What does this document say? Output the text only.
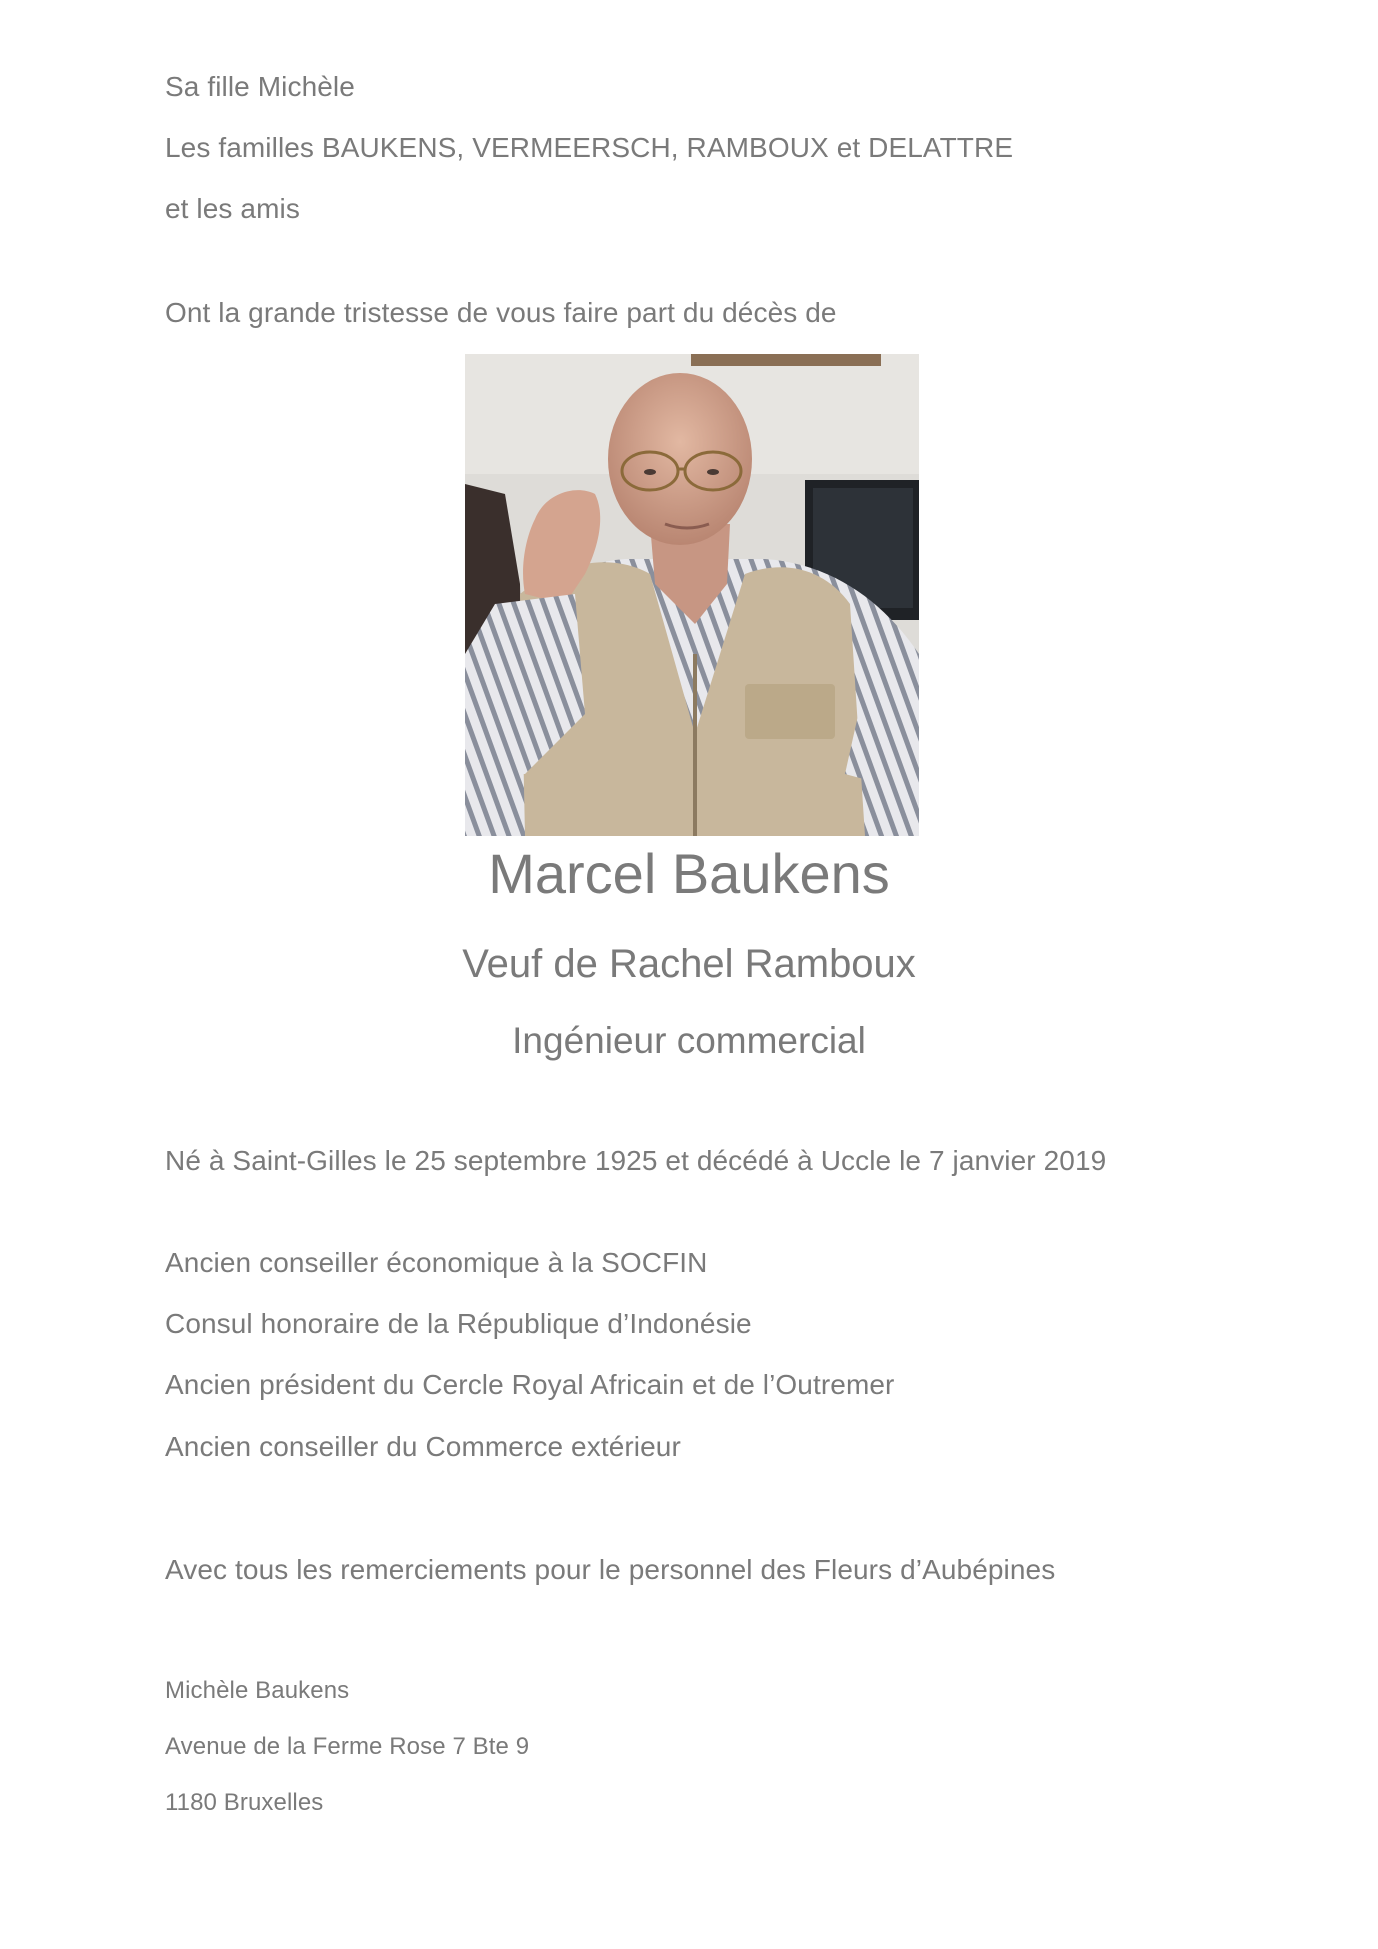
Sa fille Michèle
Les familles BAUKENS, VERMEERSCH, RAMBOUX et DELATTRE
et les amis
Ont la grande tristesse de vous faire part du décès de
Marcel Baukens
Veuf de Rachel Ramboux
Ingénieur commercial
Né à Saint-Gilles le 25 septembre 1925 et décédé à Uccle le 7 janvier 2019
Ancien conseiller économique à la SOCFIN
Consul honoraire de la République d’Indonésie
Ancien président du Cercle Royal Africain et de l’Outremer
Ancien conseiller du Commerce extérieur
Avec tous les remerciements pour le personnel des Fleurs d’Aubépines
Michèle Baukens
Avenue de la Ferme Rose 7 Bte 9
1180 Bruxelles
